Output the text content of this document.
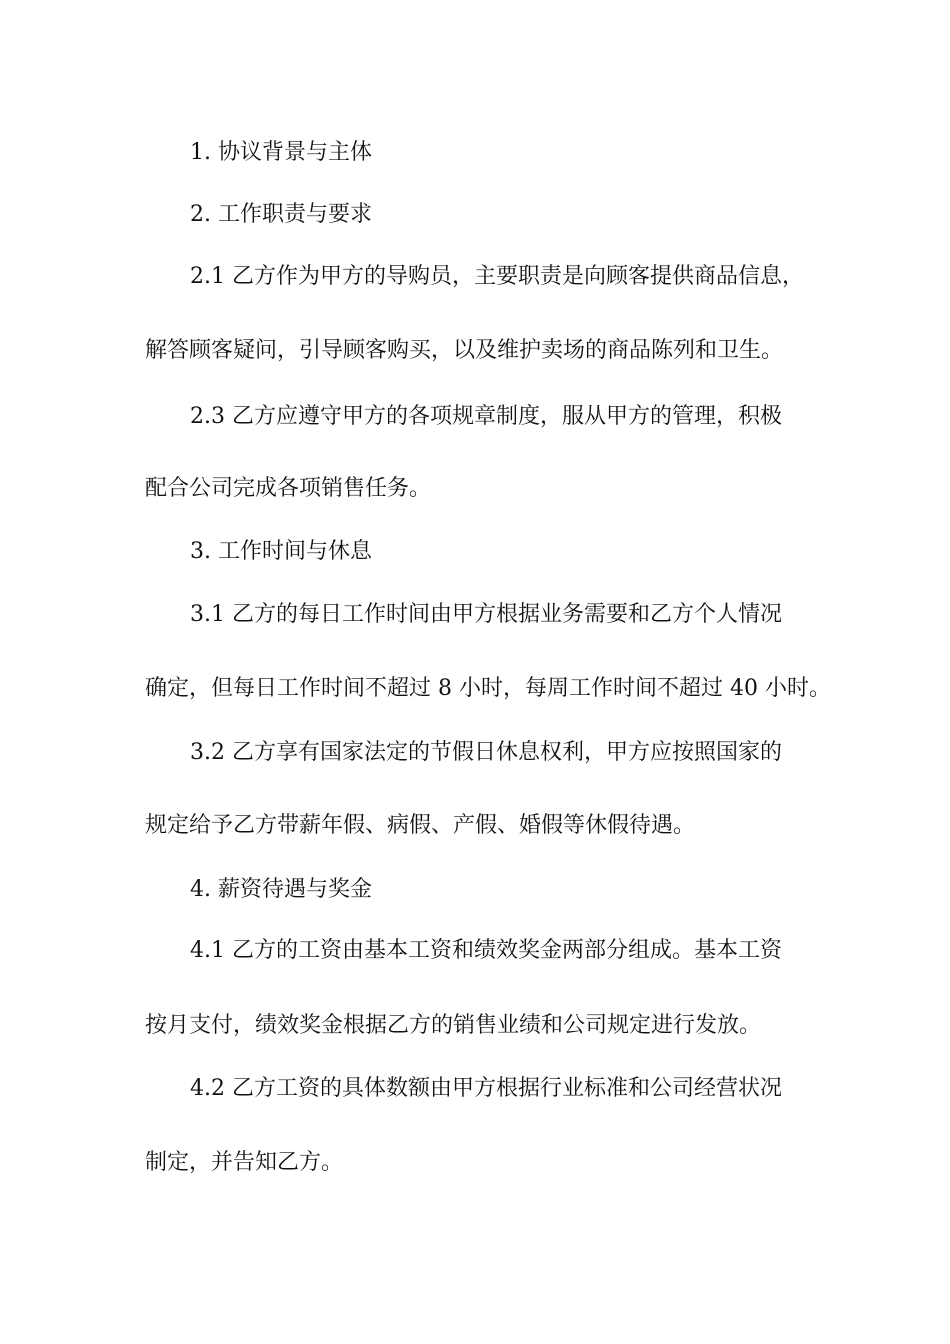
1. 协议背景与主体
2. 工作职责与要求
2.1 乙方作为甲方的导购员，主要职责是向顾客提供商品信息，
解答顾客疑问，引导顾客购买，以及维护卖场的商品陈列和卫生。
2.3 乙方应遵守甲方的各项规章制度，服从甲方的管理，积极
配合公司完成各项销售任务。
3. 工作时间与休息
3.1 乙方的每日工作时间由甲方根据业务需要和乙方个人情况
确定，但每日工作时间不超过 8 小时，每周工作时间不超过 40 小时。
3.2 乙方享有国家法定的节假日休息权利，甲方应按照国家的
规定给予乙方带薪年假、病假、产假、婚假等休假待遇。
4. 薪资待遇与奖金
4.1 乙方的工资由基本工资和绩效奖金两部分组成。基本工资
按月支付，绩效奖金根据乙方的销售业绩和公司规定进行发放。
4.2 乙方工资的具体数额由甲方根据行业标准和公司经营状况
制定，并告知乙方。
